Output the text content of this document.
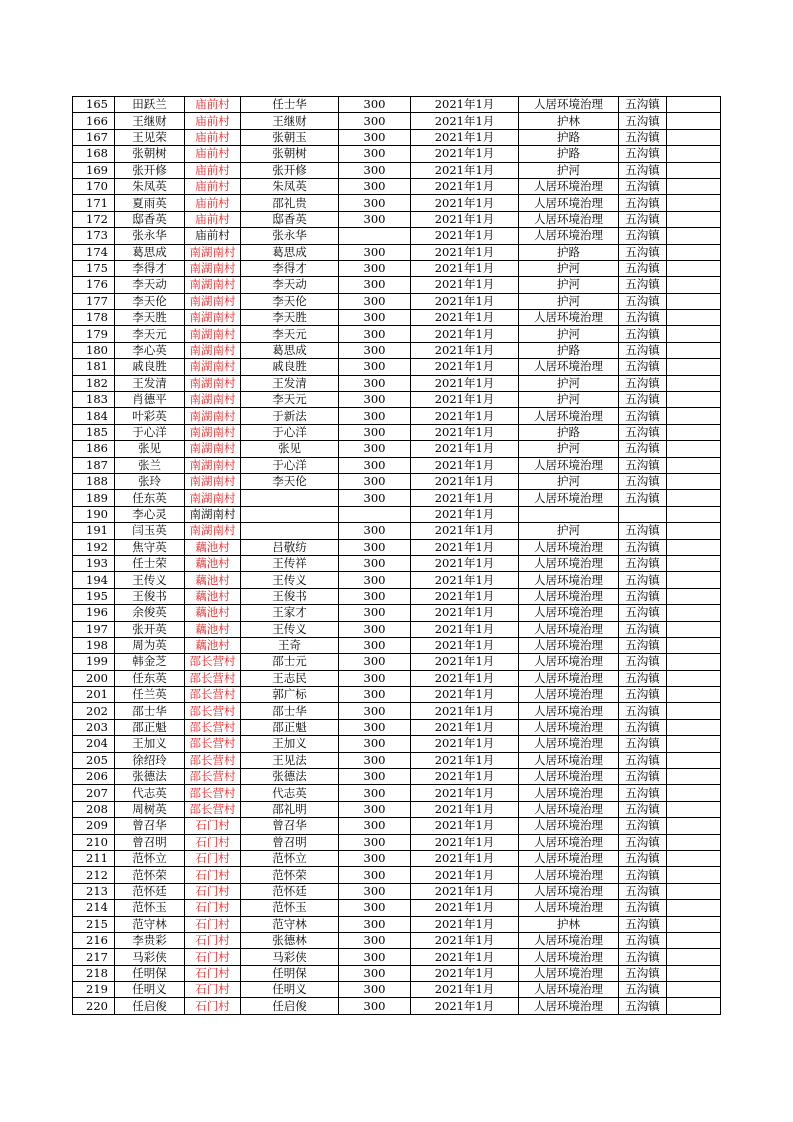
165	田跃兰	庙前村	任士华	300	2021年1月	人居环境治理	五沟镇	
166	王继财	庙前村	王继财	300	2021年1月	护林	五沟镇	
167	王见荣	庙前村	张朝玉	300	2021年1月	护路	五沟镇	
168	张朝树	庙前村	张朝树	300	2021年1月	护路	五沟镇	
169	张开修	庙前村	张开修	300	2021年1月	护河	五沟镇	
170	朱凤英	庙前村	朱凤英	300	2021年1月	人居环境治理	五沟镇	
171	夏雨英	庙前村	邵礼贵	300	2021年1月	人居环境治理	五沟镇	
172	邸香英	庙前村	邸香英	300	2021年1月	人居环境治理	五沟镇	
173	张永华	庙前村	张永华		2021年1月	人居环境治理	五沟镇	
174	葛思成	南湖南村	葛思成	300	2021年1月	护路	五沟镇	
175	李得才	南湖南村	李得才	300	2021年1月	护河	五沟镇	
176	李天动	南湖南村	李天动	300	2021年1月	护河	五沟镇	
177	李天伦	南湖南村	李天伦	300	2021年1月	护河	五沟镇	
178	李天胜	南湖南村	李天胜	300	2021年1月	人居环境治理	五沟镇	
179	李天元	南湖南村	李天元	300	2021年1月	护河	五沟镇	
180	李心英	南湖南村	葛思成	300	2021年1月	护路	五沟镇	
181	戚良胜	南湖南村	戚良胜	300	2021年1月	人居环境治理	五沟镇	
182	王发清	南湖南村	王发清	300	2021年1月	护河	五沟镇	
183	肖德平	南湖南村	李天元	300	2021年1月	护河	五沟镇	
184	叶彩英	南湖南村	于新法	300	2021年1月	人居环境治理	五沟镇	
185	于心洋	南湖南村	于心洋	300	2021年1月	护路	五沟镇	
186	张见	南湖南村	张见	300	2021年1月	护河	五沟镇	
187	张兰	南湖南村	于心洋	300	2021年1月	人居环境治理	五沟镇	
188	张玲	南湖南村	李天伦	300	2021年1月	护河	五沟镇	
189	任东英	南湖南村		300	2021年1月	人居环境治理	五沟镇	
190	李心灵	南湖南村			2021年1月			
191	闫玉英	南湖南村		300	2021年1月	护河	五沟镇	
192	焦守英	藕池村	吕敬纺	300	2021年1月	人居环境治理	五沟镇	
193	任士荣	藕池村	王传祥	300	2021年1月	人居环境治理	五沟镇	
194	王传义	藕池村	王传义	300	2021年1月	人居环境治理	五沟镇	
195	王俊书	藕池村	王俊书	300	2021年1月	人居环境治理	五沟镇	
196	余俊英	藕池村	王家才	300	2021年1月	人居环境治理	五沟镇	
197	张开英	藕池村	王传义	300	2021年1月	人居环境治理	五沟镇	
198	周为英	藕池村	王奇	300	2021年1月	人居环境治理	五沟镇	
199	韩金芝	邵长营村	邵士元	300	2021年1月	人居环境治理	五沟镇	
200	任东英	邵长营村	王志民	300	2021年1月	人居环境治理	五沟镇	
201	任兰英	邵长营村	郭广标	300	2021年1月	人居环境治理	五沟镇	
202	邵士华	邵长营村	邵士华	300	2021年1月	人居环境治理	五沟镇	
203	邵正魁	邵长营村	邵正魁	300	2021年1月	人居环境治理	五沟镇	
204	王加义	邵长营村	王加义	300	2021年1月	人居环境治理	五沟镇	
205	徐绍玲	邵长营村	王见法	300	2021年1月	人居环境治理	五沟镇	
206	张德法	邵长营村	张德法	300	2021年1月	人居环境治理	五沟镇	
207	代志英	邵长营村	代志英	300	2021年1月	人居环境治理	五沟镇	
208	周树英	邵长营村	邵礼明	300	2021年1月	人居环境治理	五沟镇	
209	曾召华	石门村	曾召华	300	2021年1月	人居环境治理	五沟镇	
210	曾召明	石门村	曾召明	300	2021年1月	人居环境治理	五沟镇	
211	范怀立	石门村	范怀立	300	2021年1月	人居环境治理	五沟镇	
212	范怀荣	石门村	范怀荣	300	2021年1月	人居环境治理	五沟镇	
213	范怀廷	石门村	范怀廷	300	2021年1月	人居环境治理	五沟镇	
214	范怀玉	石门村	范怀玉	300	2021年1月	人居环境治理	五沟镇	
215	范守林	石门村	范守林	300	2021年1月	护林	五沟镇	
216	李贵彩	石门村	张德林	300	2021年1月	人居环境治理	五沟镇	
217	马彩侠	石门村	马彩侠	300	2021年1月	人居环境治理	五沟镇	
218	任明保	石门村	任明保	300	2021年1月	人居环境治理	五沟镇	
219	任明义	石门村	任明义	300	2021年1月	人居环境治理	五沟镇	
220	任启俊	石门村	任启俊	300	2021年1月	人居环境治理	五沟镇	
